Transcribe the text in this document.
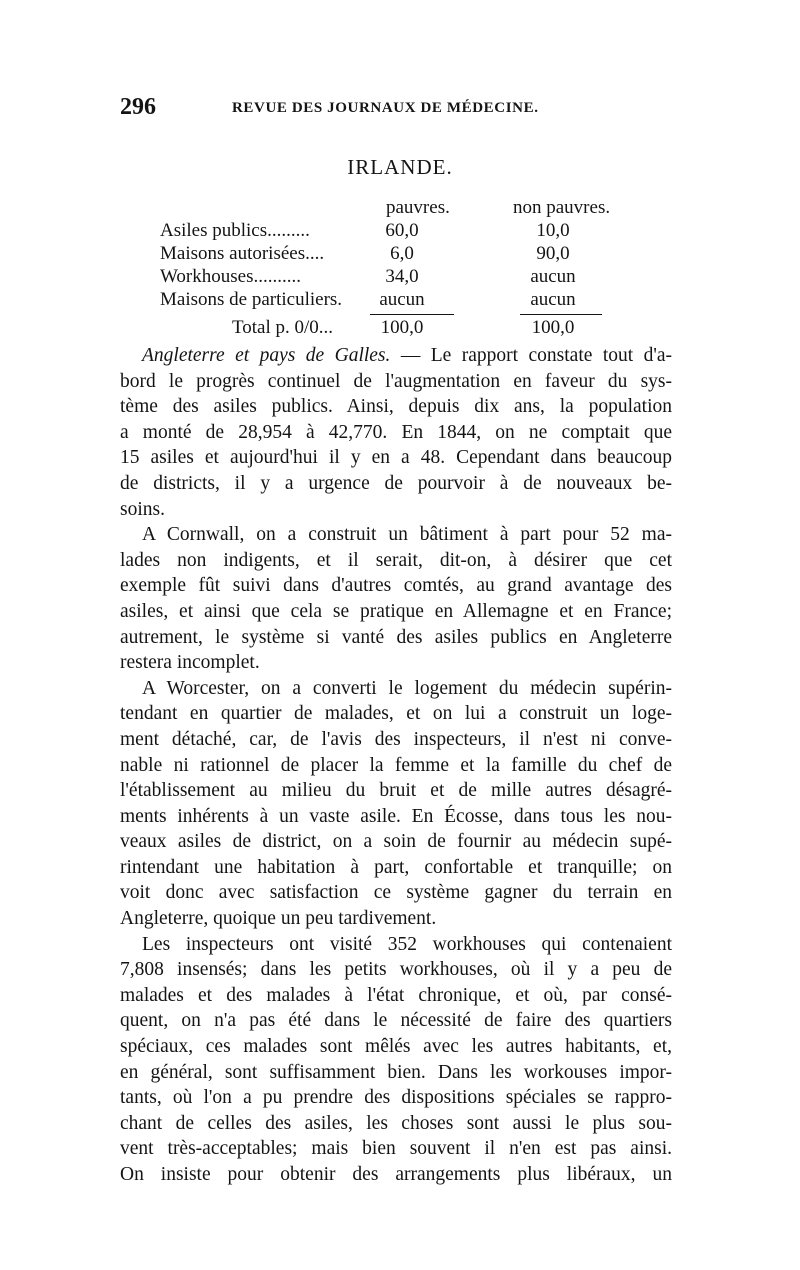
296	REVUE DES JOURNAUX DE MÉDECINE.
IRLANDE.
pauvres.	non pauvres.
Asiles publics.........	60,0	10,0
Maisons autorisées....	6,0	90,0
Workhouses..........	34,0	aucun
Maisons de particuliers.	aucun	aucun
Total p. 0/0...	100,0	100,0
Angleterre et pays de Galles. — Le rapport constate tout d'a-
bord le progrès continuel de l'augmentation en faveur du sys-
tème des asiles publics. Ainsi, depuis dix ans, la population
a monté de 28,954 à 42,770. En 1844, on ne comptait que
15 asiles et aujourd'hui il y en a 48. Cependant dans beaucoup
de districts, il y a urgence de pourvoir à de nouveaux be-
soins.
A Cornwall, on a construit un bâtiment à part pour 52 ma-
lades non indigents, et il serait, dit-on, à désirer que cet
exemple fût suivi dans d'autres comtés, au grand avantage des
asiles, et ainsi que cela se pratique en Allemagne et en France;
autrement, le système si vanté des asiles publics en Angleterre
restera incomplet.
A Worcester, on a converti le logement du médecin supérin-
tendant en quartier de malades, et on lui a construit un loge-
ment détaché, car, de l'avis des inspecteurs, il n'est ni conve-
nable ni rationnel de placer la femme et la famille du chef de
l'établissement au milieu du bruit et de mille autres désagré-
ments inhérents à un vaste asile. En Écosse, dans tous les nou-
veaux asiles de district, on a soin de fournir au médecin supé-
rintendant une habitation à part, confortable et tranquille; on
voit donc avec satisfaction ce système gagner du terrain en
Angleterre, quoique un peu tardivement.
Les inspecteurs ont visité 352 workhouses qui contenaient
7,808 insensés; dans les petits workhouses, où il y a peu de
malades et des malades à l'état chronique, et où, par consé-
quent, on n'a pas été dans le nécessité de faire des quartiers
spéciaux, ces malades sont mêlés avec les autres habitants, et,
en général, sont suffisamment bien. Dans les workouses impor-
tants, où l'on a pu prendre des dispositions spéciales se rappro-
chant de celles des asiles, les choses sont aussi le plus sou-
vent très-acceptables; mais bien souvent il n'en est pas ainsi.
On insiste pour obtenir des arrangements plus libéraux, un
